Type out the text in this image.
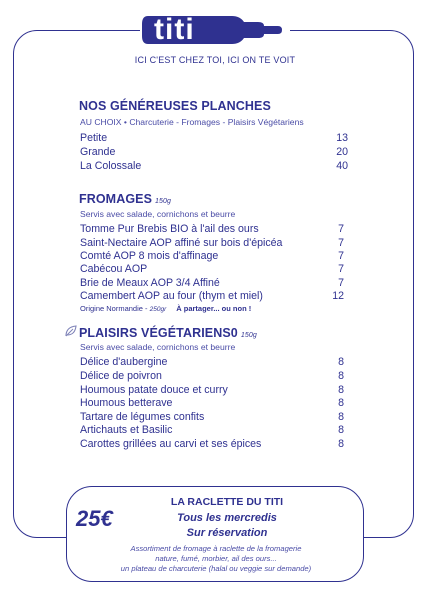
titi
ICI C'EST CHEZ TOI, ICI ON TE VOIT
NOS GÉNÉREUSES PLANCHES
AU CHOIX • Charcuterie - Fromages - Plaisirs Végétariens
Petite	13
Grande	20
La Colossale	40
FROMAGES 150g
Servis avec salade, cornichons et beurre
Tomme Pur Brebis BIO à l'ail des ours	7
Saint-Nectaire AOP affiné sur bois d'épicéa	7
Comté AOP 8 mois d'affinage	7
Cabécou AOP	7
Brie de Meaux AOP 3/4 Affiné	7
Camembert AOP au four (thym et miel)	12
Origine Normandie - 250gr À partager... ou non !
PLAISIRS VÉGÉTARIENS0 150g
Servis avec salade, cornichons et beurre
Délice d'aubergine	8
Délice de poivron	8
Houmous patate douce et curry	8
Houmous betterave	8
Tartare de légumes confits	8
Artichauts et Basilic	8
Carottes grillées au carvi et ses épices	8
25€
LA RACLETTE DU TITI
Tous les mercredis
Sur réservation
Assortiment de fromage à raclette de la fromagerie
nature, fumé, morbier, ail des ours...
un plateau de charcuterie (halal ou veggie sur demande)
